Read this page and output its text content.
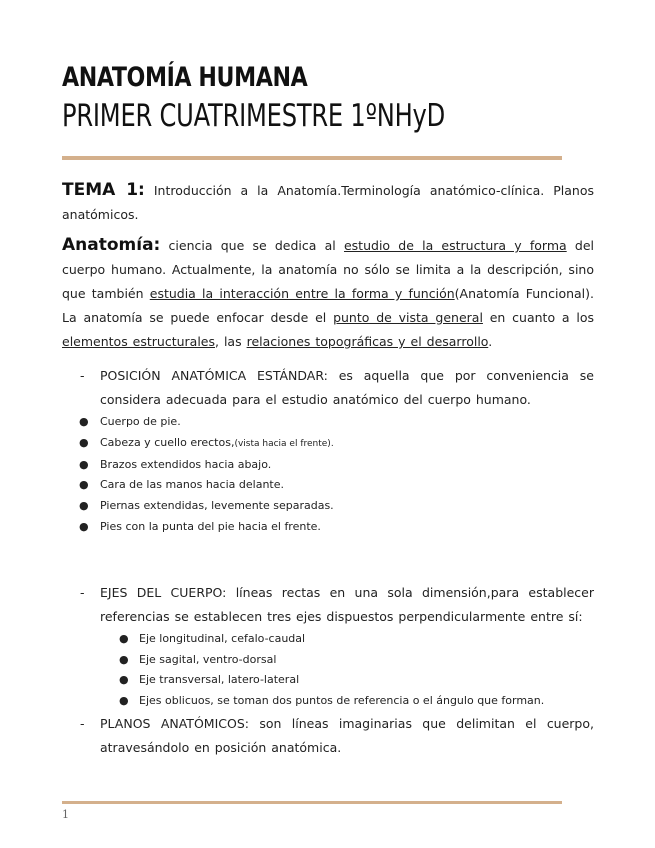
ANATOMÍA HUMANA
PRIMER CUATRIMESTRE 1ºNHyD

TEMA 1: Introducción a la Anatomía.Terminología anatómico-clínica. Planos anatómicos.

Anatomía: ciencia que se dedica al estudio de la estructura y forma del cuerpo humano. Actualmente, la anatomía no sólo se limita a la descripción, sino que también estudia la interacción entre la forma y función(Anatomía Funcional). La anatomía se puede enfocar desde el punto de vista general en cuanto a los elementos estructurales, las relaciones topográficas y el desarrollo.

- POSICIÓN ANATÓMICA ESTÁNDAR: es aquella que por conveniencia se considera adecuada para el estudio anatómico del cuerpo humano.

● Cuerpo de pie.
● Cabeza y cuello erectos,(vista hacia el frente).
● Brazos extendidos hacia abajo.
● Cara de las manos hacia delante.
● Piernas extendidas, levemente separadas.
● Pies con la punta del pie hacia el frente.

- EJES DEL CUERPO: líneas rectas en una sola dimensión,para establecer referencias se establecen tres ejes dispuestos perpendicularmente entre sí:

● Eje longitudinal, cefalo-caudal
● Eje sagital, ventro-dorsal
● Eje transversal, latero-lateral
● Ejes oblicuos, se toman dos puntos de referencia o el ángulo que forman.

- PLANOS ANATÓMICOS: son líneas imaginarias que delimitan el cuerpo, atravesándolo en posición anatómica.

1
